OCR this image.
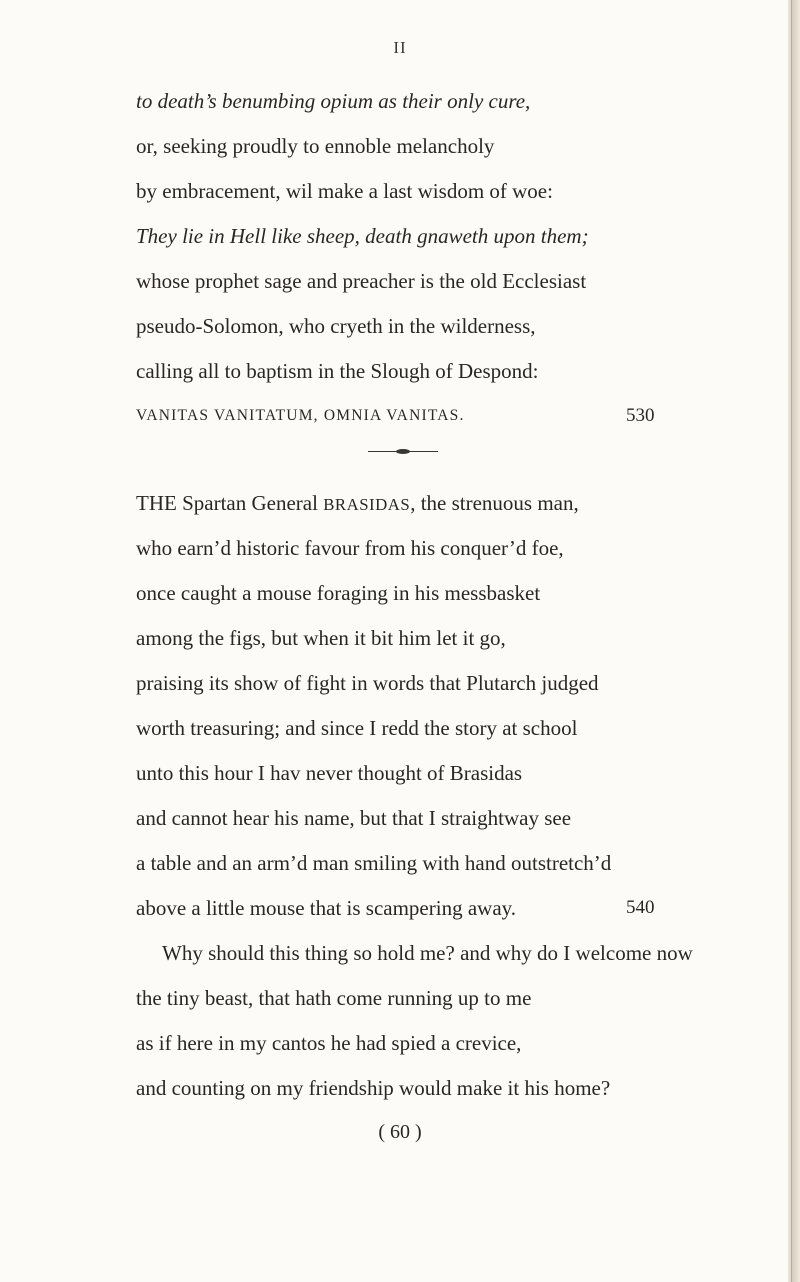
II
to death’s benumbing opium as their only cure,
or, seeking proudly to ennoble melancholy
by embracement, wil make a last wisdom of woe:
They lie in Hell like sheep, death gnaweth upon them;
whose prophet sage and preacher is the old Ecclesiast
pseudo-Solomon, who cryeth in the wilderness,
calling all to baptism in the Slough of Despond:
VANITAS VANITATUM, OMNIA VANITAS.	530
THE Spartan General BRASIDAS, the strenuous man,
who earn’d historic favour from his conquer’d foe,
once caught a mouse foraging in his messbasket
among the figs, but when it bit him let it go,
praising its show of fight in words that Plutarch judged
worth treasuring; and since I redd the story at school
unto this hour I hav never thought of Brasidas
and cannot hear his name, but that I straightway see
a table and an arm’d man smiling with hand outstretch’d
above a little mouse that is scampering away.	540
Why should this thing so hold me? and why do I welcome now
the tiny beast, that hath come running up to me
as if here in my cantos he had spied a crevice,
and counting on my friendship would make it his home?
( 60 )
